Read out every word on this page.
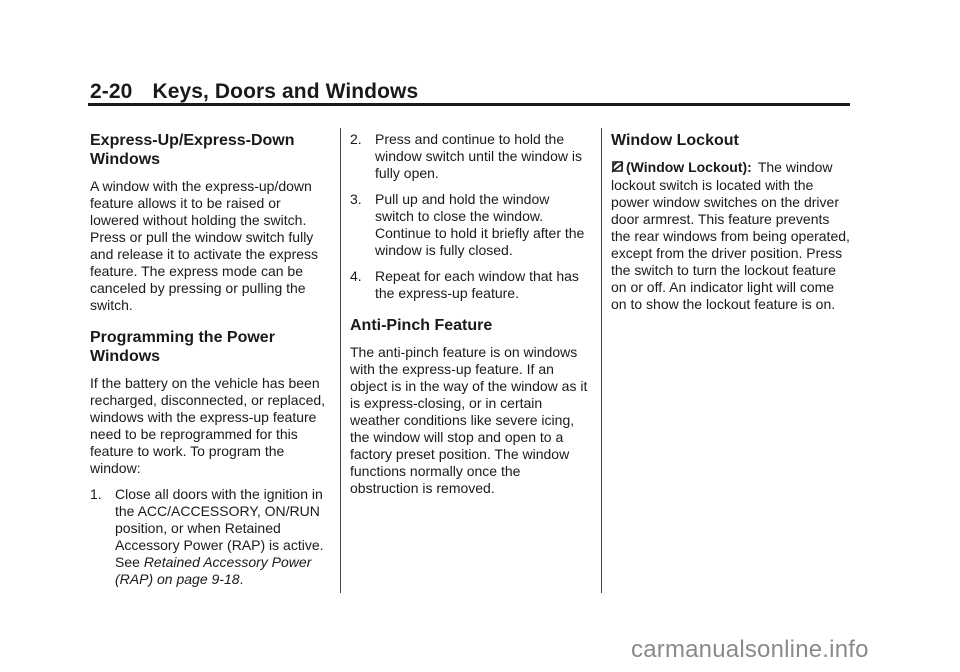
2-20 Keys, Doors and Windows
Express-Up/Express-Down Windows

A window with the express-up/down feature allows it to be raised or lowered without holding the switch. Press or pull the window switch fully and release it to activate the express feature. The express mode can be canceled by pressing or pulling the switch.

Programming the Power Windows

If the battery on the vehicle has been recharged, disconnected, or replaced, windows with the express-up feature need to be reprogrammed for this feature to work. To program the window:

1. Close all doors with the ignition in the ACC/ACCESSORY, ON/RUN position, or when Retained Accessory Power (RAP) is active. See Retained Accessory Power (RAP) on page 9-18.
2. Press and continue to hold the window switch until the window is fully open.
3. Pull up and hold the window switch to close the window. Continue to hold it briefly after the window is fully closed.
4. Repeat for each window that has the express-up feature.
Anti-Pinch Feature

The anti-pinch feature is on windows with the express-up feature. If an object is in the way of the window as it is express-closing, or in certain weather conditions like severe icing, the window will stop and open to a factory preset position. The window functions normally once the obstruction is removed.

Window Lockout

(Window Lockout): The window lockout switch is located with the power window switches on the driver door armrest. This feature prevents the rear windows from being operated, except from the driver position. Press the switch to turn the lockout feature on or off. An indicator light will come on to show the lockout feature is on.

carmanualsonline.info
